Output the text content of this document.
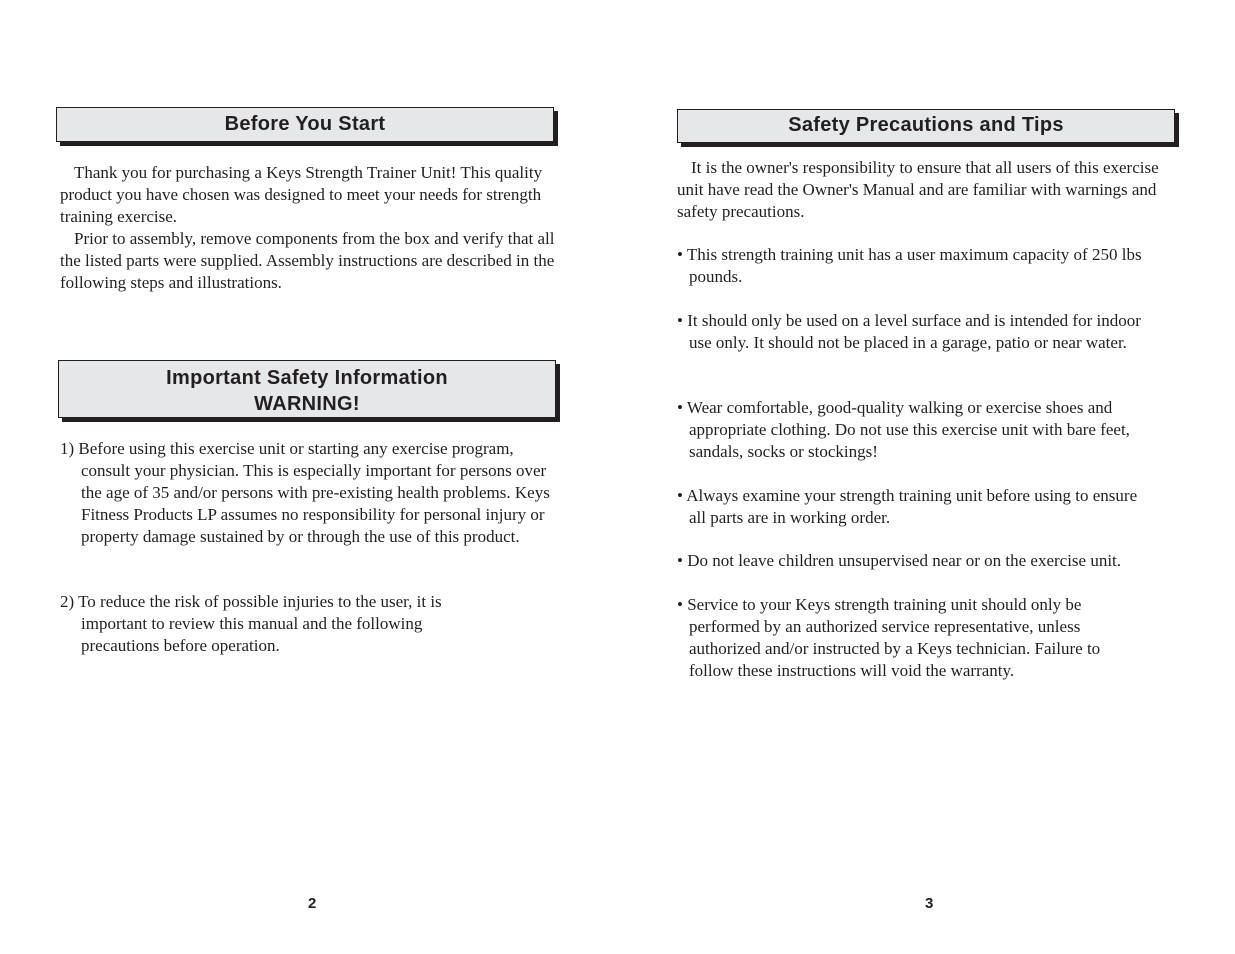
Before You Start

Thank you for purchasing a Keys Strength Trainer Unit! This quality product you have chosen was designed to meet your needs for strength training exercise.

Prior to assembly, remove components from the box and verify that all the listed parts were supplied. Assembly instructions are described in the following steps and illustrations.

Important Safety Information
WARNING!
1) Before using this exercise unit or starting any exercise program, consult your physician. This is especially important for persons over the age of 35 and/or persons with pre-existing health problems. Keys Fitness Products LP assumes no responsibility for personal injury or property damage sustained by or through the use of this product.
2) To reduce the risk of possible injuries to the user, it is important to review this manual and the following precautions before operation.
2
Safety Precautions and Tips

It is the owner's responsibility to ensure that all users of this exercise unit have read the Owner's Manual and are familiar with warnings and safety precautions.

• This strength training unit has a user maximum capacity of 250 lbs pounds.
• It should only be used on a level surface and is intended for indoor use only. It should not be placed in a garage, patio or near water.
• Wear comfortable, good-quality walking or exercise shoes and appropriate clothing. Do not use this exercise unit with bare feet, sandals, socks or stockings!
• Always examine your strength training unit before using to ensure all parts are in working order.
• Do not leave children unsupervised near or on the exercise unit.
• Service to your Keys strength training unit should only be performed by an authorized service representative, unless authorized and/or instructed by a Keys technician. Failure to follow these instructions will void the warranty.
3
